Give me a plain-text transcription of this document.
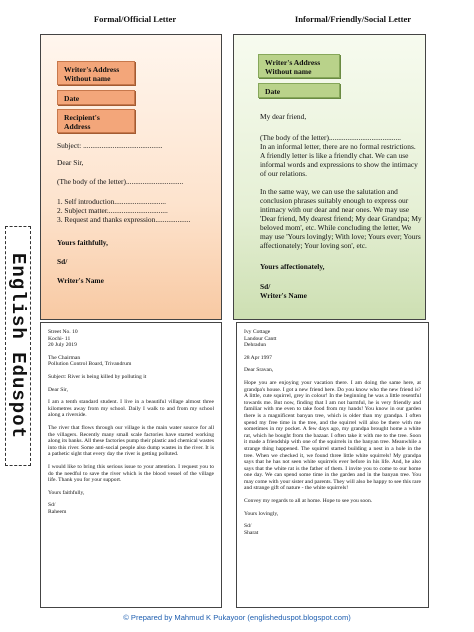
Formal/Official Letter	Informal/Friendly/Social Letter
Writer's Address
Without name
Date
Recipient's
Address
Subject: ...........................................
Dear Sir,
(The body of the letter)...............................
1. Self introduction............................
2. Subject matter.................................
3. Request and thanks expression...................
Yours faithfully,
Sd/
Writer's Name
Writer's Address
Without name
Date
My dear friend,
(The body of the letter).......................................
In an informal letter, there are no formal restrictions. A friendly letter is like a friendly chat. We can use informal words and expressions to show the intimacy of our relations.
In the same way, we can use the salutation and conclusion phrases suitably enough to express our intimacy with our dear and near ones. We may use 'Dear friend, My dearest friend; My dear Grandpa; My beloved mom', etc. While concluding the letter, We may use 'Yours lovingly; With love; Yours ever; Yours affectionately; Your loving son', etc.
Yours affectionately,
Sd/
Writer's Name
English Eduspot	Street No. 10
Kochi- 11
20 July 2019
The Chairman
Pollution Control Board, Trivandrum
Subject: River is being killed by polluting it
Dear Sir,
I am a tenth standard student. I live in a beautiful village almost three kilometres away from my school. Daily I walk to and from my school along a riverside.
The river that flows through our village is the main water source for all the villagers. Recently many small scale factories have started working along its banks. All these factories pump their plastic and chemical wastes into this river. Some anti-social people also dump wastes in the river. It is a pathetic sight that every day the river is getting polluted.
I would like to bring this serious issue to your attention. I request you to do the needful to save the river which is the blood vessel of the village life. Thank you for your support.
Yours faithfully,
Sd/
Raheem
Ivy Cottage
Landour Cantt
Dehradun
28 Apr 1997
Dear Sravan,
Hope you are enjoying your vacation there. I am doing the same here, at grandpa's house. I got a new friend here. Do you know who the new friend is? A little, cute squirrel, grey in colour! In the beginning he was a little resentful towards me. But now, finding that I am not harmful, he is very friendly and familiar with me even to take food from my hands! You know in our garden there is a magnificent banyan tree, which is older than my grandpa. I often spend my free time in the tree, and the squirrel will also be there with me sometimes in my pocket. A few days ago, my grandpa brought home a white rat, which he bought from the bazaar. I often take it with me to the tree. Soon it made a friendship with one of the squirrels in the banyan tree. Meanwhile a strange thing happened. The squirrel started building a nest in a hole in the tree. When we checked it, we found three little white squirrels! My grandpa says that he has not seen white squirrels ever before in his life. And, he also says that the white rat is the father of them. I invite you to come to our home one day. We can spend some time in the garden and in the banyan tree. You may come with your sister and parents. They will also be happy to see this rare and strange gift of nature - the white squirrels!
Convey my regards to all at home. Hope to see you soon.
Yours lovingly,
Sd/
Sharat
© Prepared by Mahmud K Pukayoor (englisheduspot.blogspot.com)
